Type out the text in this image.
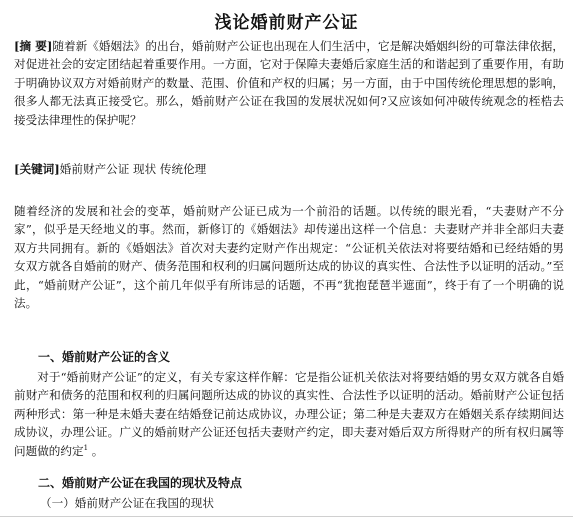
浅论婚前财产公证
[摘 要]随着新《婚姻法》的出台，婚前财产公证也出现在人们生活中，它是解决婚姻纠纷的可靠法律依据，对促进社会的安定团结起着重要作用。一方面，它对于保障夫妻婚后家庭生活的和谐起到了重要作用，有助于明确协议双方对婚前财产的数量、范围、价值和产权的归属；另一方面，由于中国传统伦理思想的影响，很多人都无法真正接受它。那么，婚前财产公证在我国的发展状况如何?又应该如何冲破传统观念的桎梏去接受法律理性的保护呢？
[关键词]婚前财产公证 现状 传统伦理
随着经济的发展和社会的变革，婚前财产公证已成为一个前沿的话题。以传统的眼光看，“夫妻财产不分家”，似乎是天经地义的事。然而，新修订的《婚姻法》却传递出这样一个信息：夫妻财产并非全部归夫妻双方共同拥有。新的《婚姻法》首次对夫妻约定财产作出规定：“公证机关依法对将要结婚和已经结婚的男女双方就各自婚前的财产、债务范围和权利的归属问题所达成的协议的真实性、合法性予以证明的活动。”至此，“婚前财产公证”，这个前几年似乎有所讳忌的话题，不再“犹抱琵琶半遮面”，终于有了一个明确的说法。
一、婚前财产公证的含义
对于“婚前财产公证”的定义，有关专家这样作解：它是指公证机关依法对将要结婚的男女双方就各自婚前财产和债务的范围和权利的归属问题所达成的协议的真实性、合法性予以证明的活动。婚前财产公证包括两种形式：第一种是未婚夫妻在结婚登记前达成协议，办理公证；第二种是夫妻双方在婚姻关系存续期间达成协议，办理公证。广义的婚前财产公证还包括夫妻财产约定，即夫妻对婚后双方所得财产的所有权归属等问题做的约定$^1$ 。
二、婚前财产公证在我国的现状及特点
（一）婚前财产公证在我国的现状
